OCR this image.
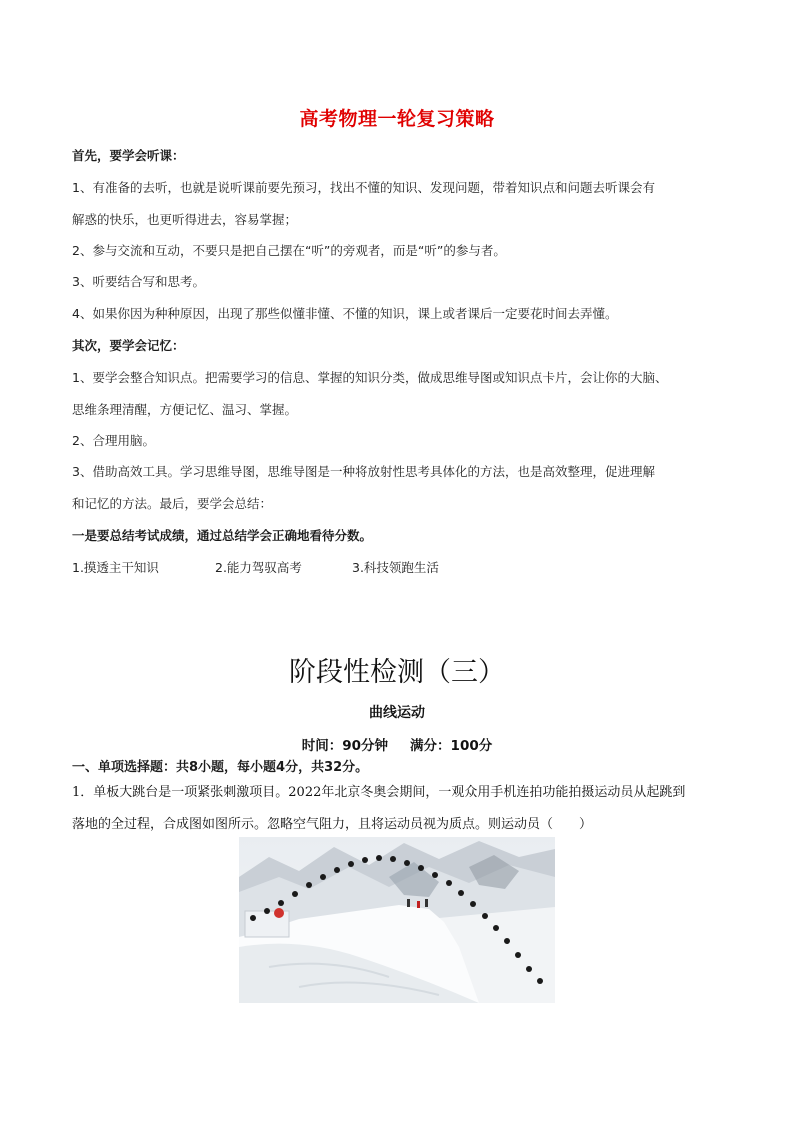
高考物理一轮复习策略
首先，要学会听课：
1、有准备的去听，也就是说听课前要先预习，找出不懂的知识、发现问题，带着知识点和问题去听课会有
解惑的快乐，也更听得进去，容易掌握；
2、参与交流和互动，不要只是把自己摆在“听”的旁观者，而是“听”的参与者。
3、听要结合写和思考。
4、如果你因为种种原因，出现了那些似懂非懂、不懂的知识，课上或者课后一定要花时间去弄懂。
其次，要学会记忆：
1、要学会整合知识点。把需要学习的信息、掌握的知识分类，做成思维导图或知识点卡片，会让你的大脑、
思维条理清醒，方便记忆、温习、掌握。
2、合理用脑。
3、借助高效工具。学习思维导图，思维导图是一种将放射性思考具体化的方法，也是高效整理，促进理解
和记忆的方法。最后，要学会总结：
一是要总结考试成绩，通过总结学会正确地看待分数。
1.摸透主干知识	2.能力驾驭高考	3.科技领跑生活
阶段性检测（三）
曲线运动
时间：90分钟 满分：100分
一、单项选择题：共8小题，每小题4分，共32分。
1．单板大跳台是一项紧张刺激项目。2022年北京冬奥会期间，一观众用手机连拍功能拍摄运动员从起跳到
落地的全过程，合成图如图所示。忽略空气阻力，且将运动员视为质点。则运动员（　　）
